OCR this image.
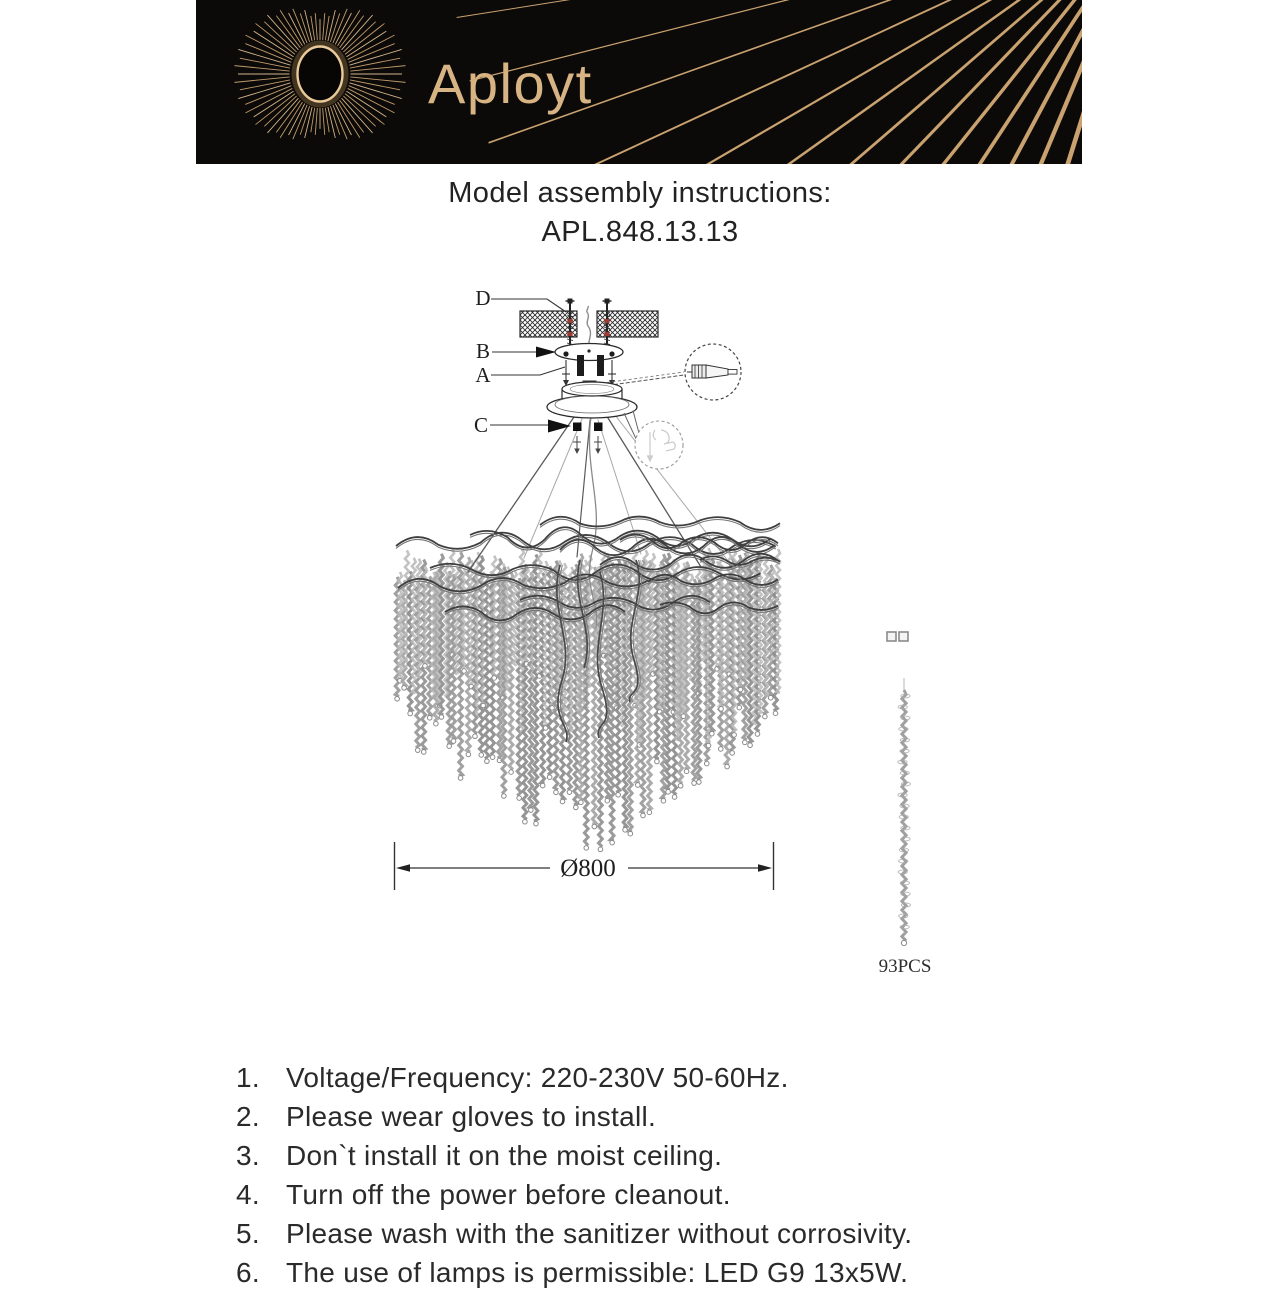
Aployt
Model assembly instructions:
APL.848.13.13
D
B
A
C
Ø800
93PCS
1. Voltage/Frequency: 220-230V 50-60Hz.
2. Please wear gloves to install.
3. Don`t install it on the moist ceiling.
4. Turn off the power before cleanout.
5. Please wash with the sanitizer without corrosivity.
6. The use of lamps is permissible: LED G9 13x5W.
